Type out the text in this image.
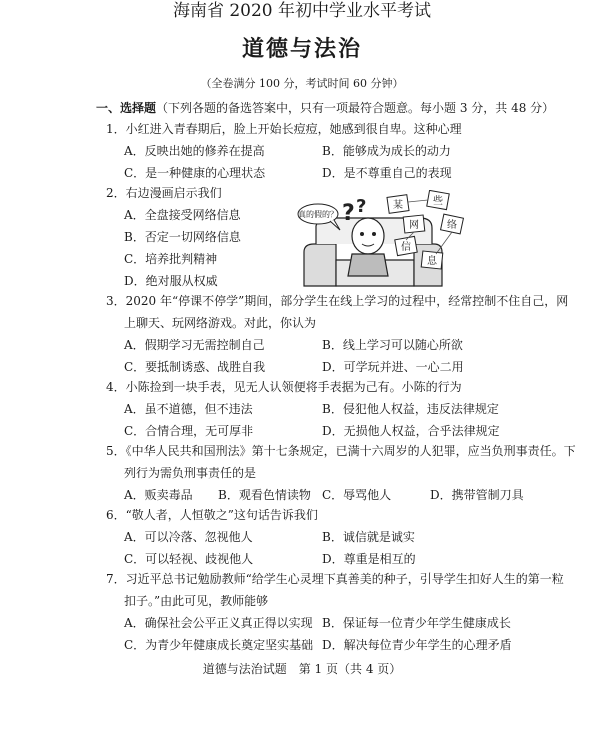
海南省 2020 年初中学业水平考试
道德与法治
（全卷满分 100 分，考试时间 60 分钟）
一、选择题（下列各题的备选答案中，只有一项最符合题意。每小题 3 分，共 48 分）
1．小红进入青春期后，脸上开始长痘痘，她感到很自卑。这种心理
A．反映出她的修养在提高	B．能够成为成长的动力
C．是一种健康的心理状态	D．是不尊重自己的表现
2．右边漫画启示我们
A．全盘接受网络信息
B．否定一切网络信息
C．培养批判精神
D．绝对服从权威
? ?
真的假的？
某	些
网	络
信
息
3．2020 年“停课不停学”期间，部分学生在线上学习的过程中，经常控制不住自己，网
上聊天、玩网络游戏。对此，你认为
A．假期学习无需控制自己	B．线上学习可以随心所欲
C．要抵制诱惑、战胜自我	D．可学玩并进、一心二用
4．小陈捡到一块手表，见无人认领便将手表据为己有。小陈的行为
A．虽不道德，但不违法	B．侵犯他人权益，违反法律规定
C．合情合理，无可厚非	D．无损他人权益，合乎法律规定
5．《中华人民共和国刑法》第十七条规定，已满十六周岁的人犯罪，应当负刑事责任。下
列行为需负刑事责任的是
A．贩卖毒品 B．观看色情读物 C．辱骂他人	D．携带管制刀具
6．“敬人者，人恒敬之”这句话告诉我们
A．可以冷落、忽视他人	B．诚信就是诚实
C．可以轻视、歧视他人	D．尊重是相互的
7．习近平总书记勉励教师“给学生心灵埋下真善美的种子，引导学生扣好人生的第一粒
扣子。”由此可见，教师能够
A．确保社会公平正义真正得以实现 B．保证每一位青少年学生健康成长
C．为青少年健康成长奠定坚实基础 D．解决每位青少年学生的心理矛盾
道德与法治试题　第 1 页（共 4 页）
